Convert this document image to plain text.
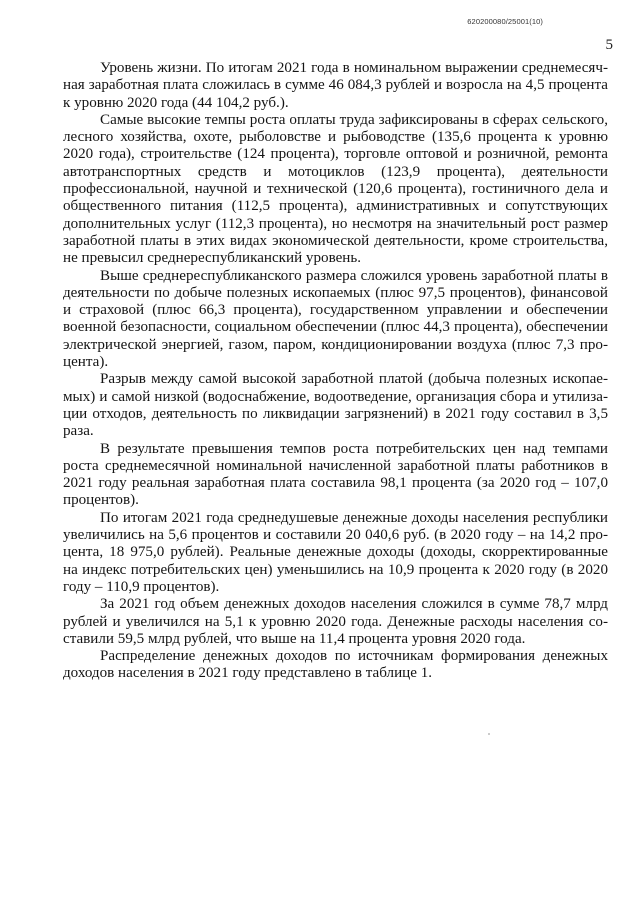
620200080/25001(10)
5

Уровень жизни. По итогам 2021 года в номинальном выражении среднемесячная заработная плата сложилась в сумме 46 084,3 рублей и возросла на 4,5 процента к уровню 2020 года (44 104,2 руб.).

Самые высокие темпы роста оплаты труда зафиксированы в сферах сельского, лесного хозяйства, охоте, рыболовстве и рыбоводстве (135,6 процента к уровню 2020 года), строительстве (124 процента), торговле оптовой и розничной, ремонта автотранспортных средств и мотоциклов (123,9 процента), деятельности профессиональной, научной и технической (120,6 процента), гостиничного дела и общественного питания (112,5 процента), административных и сопутствующих дополнительных услуг (112,3 процента), но несмотря на значительный рост размер заработной платы в этих видах экономической деятельности, кроме строительства, не превысил среднереспубликанский уровень.

Выше среднереспубликанского размера сложился уровень заработной платы в деятельности по добыче полезных ископаемых (плюс 97,5 процентов), финансовой и страховой (плюс 66,3 процента), государственном управлении и обеспечении военной безопасности, социальном обеспечении (плюс 44,3 процента), обеспечении электрической энергией, газом, паром, кондиционировании воздуха (плюс 7,3 процента).

Разрыв между самой высокой заработной платой (добыча полезных ископаемых) и самой низкой (водоснабжение, водоотведение, организация сбора и утилизации отходов, деятельность по ликвидации загрязнений) в 2021 году составил в 3,5 раза.

В результате превышения темпов роста потребительских цен над темпами роста среднемесячной номинальной начисленной заработной платы работников в 2021 году реальная заработная плата составила 98,1 процента (за 2020 год – 107,0 процентов).

По итогам 2021 года среднедушевые денежные доходы населения республики увеличились на 5,6 процентов и составили 20 040,6 руб. (в 2020 году – на 14,2 процента, 18 975,0 рублей). Реальные денежные доходы (доходы, скорректированные на индекс потребительских цен) уменьшились на 10,9 процента к 2020 году (в 2020 году – 110,9 процентов).

За 2021 год объем денежных доходов населения сложился в сумме 78,7 млрд рублей и увеличился на 5,1 к уровню 2020 года. Денежные расходы населения составили 59,5 млрд рублей, что выше на 11,4 процента уровня 2020 года.

Распределение денежных доходов по источникам формирования денежных доходов населения в 2021 году представлено в таблице 1.
